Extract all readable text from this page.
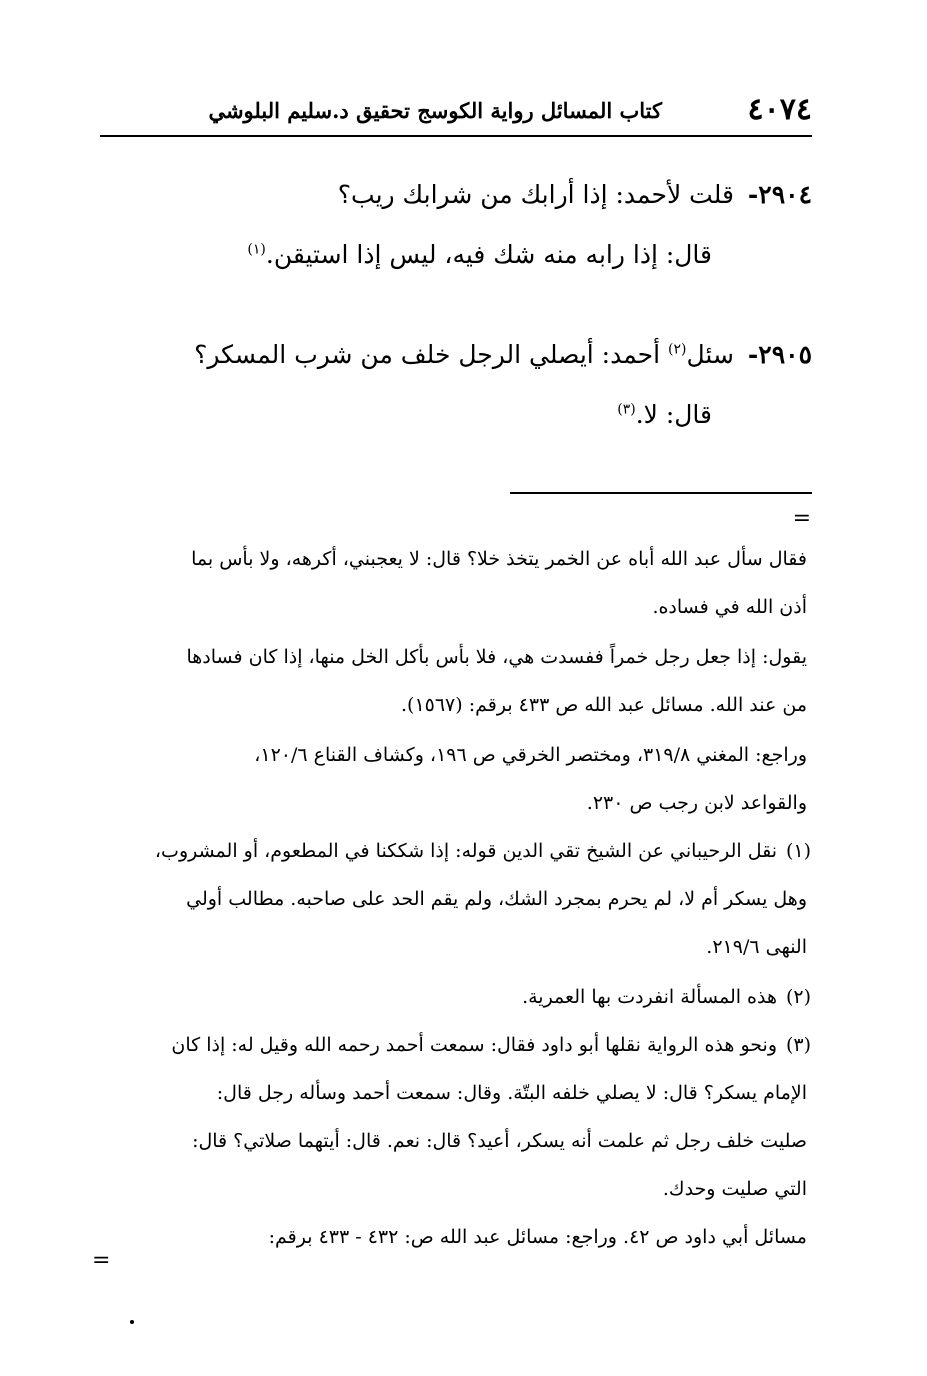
٤٠٧٤
كتاب المسائل رواية الكوسج تحقيق د.سليم البلوشي
٢٩٠٤- قلت لأحمد: إذا أرابك من شرابك ريب؟
قال: إذا رابه منه شك فيه، ليس إذا استيقن.$^{(١)}$
٢٩٠٥- سئل$^{(٢)}$ أحمد: أيصلي الرجل خلف من شرب المسكر؟
قال: لا.$^{(٣)}$
=
فقال سأل عبد الله أباه عن الخمر يتخذ خلا؟ قال: لا يعجبني، أكرهه، ولا بأس بما
أذن الله في فساده.
يقول: إذا جعل رجل خمراً ففسدت هي، فلا بأس بأكل الخل منها، إذا كان فسادها
من عند الله. مسائل عبد الله ص ٤٣٣ برقم: (١٥٦٧).
وراجع: المغني ٣١٩/٨، ومختصر الخرقي ص ١٩٦، وكشاف القناع ١٢٠/٦،
والقواعد لابن رجب ص ٢٣٠.
(١)
نقل الرحيباني عن الشيخ تقي الدين قوله: إذا شككنا في المطعوم، أو المشروب،
وهل يسكر أم لا، لم يحرم بمجرد الشك، ولم يقم الحد على صاحبه. مطالب أولي
النهى ٢١٩/٦.
(٢)
هذه المسألة انفردت بها العمرية.
(٣)
ونحو هذه الرواية نقلها أبو داود فقال: سمعت أحمد رحمه الله وقيل له: إذا كان
الإمام يسكر؟ قال: لا يصلي خلفه البتّة. وقال: سمعت أحمد وسأله رجل قال:
صليت خلف رجل ثم علمت أنه يسكر، أعيد؟ قال: نعم. قال: أيتهما صلاتي؟ قال:
التي صليت وحدك.
مسائل أبي داود ص ٤٢. وراجع: مسائل عبد الله ص: ٤٣٢ - ٤٣٣ برقم:
=
